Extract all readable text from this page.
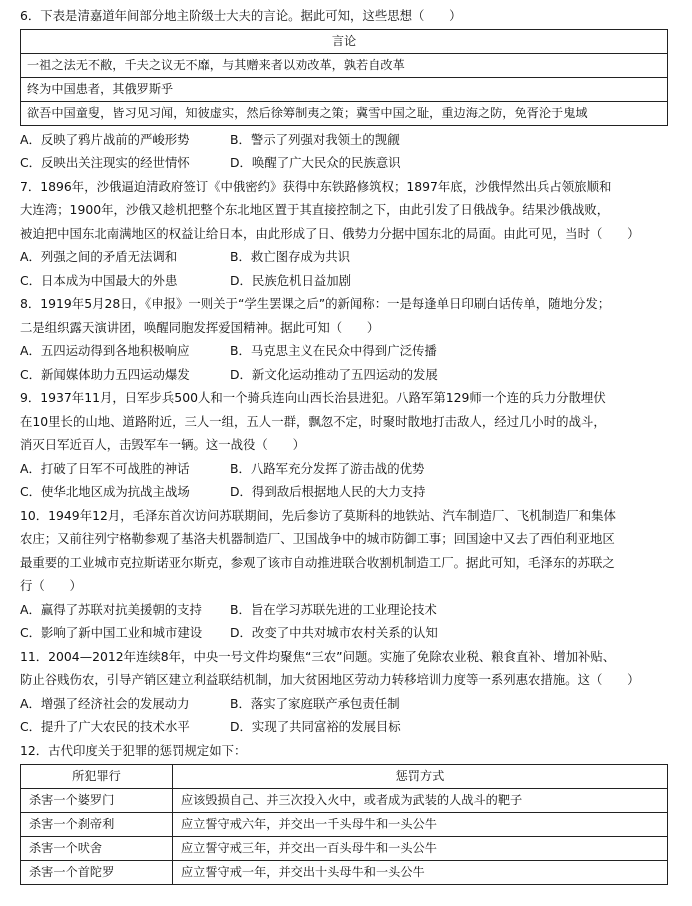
6．下表是清嘉道年间部分地主阶级士大夫的言论。据此可知，这些思想（　　）
言论
一祖之法无不敝，千夫之议无不靡，与其赠来者以劝改革，孰若自改革
终为中国患者，其俄罗斯乎
欲吾中国童叟，皆习见习闻，知彼虚实，然后徐筹制夷之策；冀雪中国之耻，重边海之防，免胥沦于鬼域
A．反映了鸦片战前的严峻形势	B．警示了列强对我领土的觊觎
C．反映出关注现实的经世情怀	D．唤醒了广大民众的民族意识
7．1896年，沙俄逼迫清政府签订《中俄密约》获得中东铁路修筑权；1897年底，沙俄悍然出兵占领旅顺和
大连湾；1900年，沙俄又趁机把整个东北地区置于其直接控制之下，由此引发了日俄战争。结果沙俄战败，
被迫把中国东北南满地区的权益让给日本，由此形成了日、俄势力分据中国东北的局面。由此可见，当时（　　）
A．列强之间的矛盾无法调和	B．救亡图存成为共识
C．日本成为中国最大的外患	D．民族危机日益加剧
8．1919年5月28日，《申报》一则关于“学生罢课之后”的新闻称：一是每逢单日印刷白话传单，随地分发；
二是组织露天演讲团，唤醒同胞发挥爱国精神。据此可知（　　）
A．五四运动得到各地积极响应	B．马克思主义在民众中得到广泛传播
C．新闻媒体助力五四运动爆发	D．新文化运动推动了五四运动的发展
9．1937年11月，日军步兵500人和一个骑兵连向山西长治县进犯。八路军第129师一个连的兵力分散埋伏
在10里长的山地、道路附近，三人一组，五人一群，飘忽不定，时聚时散地打击敌人，经过几小时的战斗，
消灭日军近百人，击毁军车一辆。这一战役（　　）
A．打破了日军不可战胜的神话	B．八路军充分发挥了游击战的优势
C．使华北地区成为抗战主战场	D．得到敌后根据地人民的大力支持
10．1949年12月，毛泽东首次访问苏联期间，先后参访了莫斯科的地铁站、汽车制造厂、飞机制造厂和集体
农庄；又前往列宁格勒参观了基洛夫机器制造厂、卫国战争中的城市防御工事；回国途中又去了西伯利亚地区
最重要的工业城市克拉斯诺亚尔斯克，参观了该市自动推进联合收割机制造工厂。据此可知，毛泽东的苏联之
行（　　）
A．赢得了苏联对抗美援朝的支持	B．旨在学习苏联先进的工业理论技术
C．影响了新中国工业和城市建设	D．改变了中共对城市农村关系的认知
11．2004—2012年连续8年，中央一号文件均聚焦“三农”问题。实施了免除农业税、粮食直补、增加补贴、
防止谷贱伤农，引导产销区建立利益联结机制，加大贫困地区劳动力转移培训力度等一系列惠农措施。这（　　）
A．增强了经济社会的发展动力	B．落实了家庭联产承包责任制
C．提升了广大农民的技术水平	D．实现了共同富裕的发展目标
12．古代印度关于犯罪的惩罚规定如下：
所犯罪行	惩罚方式
杀害一个婆罗门	应该毁损自己、并三次投入火中，或者成为武装的人战斗的靶子
杀害一个刹帝利	应立誓守戒六年，并交出一千头母牛和一头公牛
杀害一个吠舍	应立誓守戒三年，并交出一百头母牛和一头公牛
杀害一个首陀罗	应立誓守戒一年，并交出十头母牛和一头公牛
